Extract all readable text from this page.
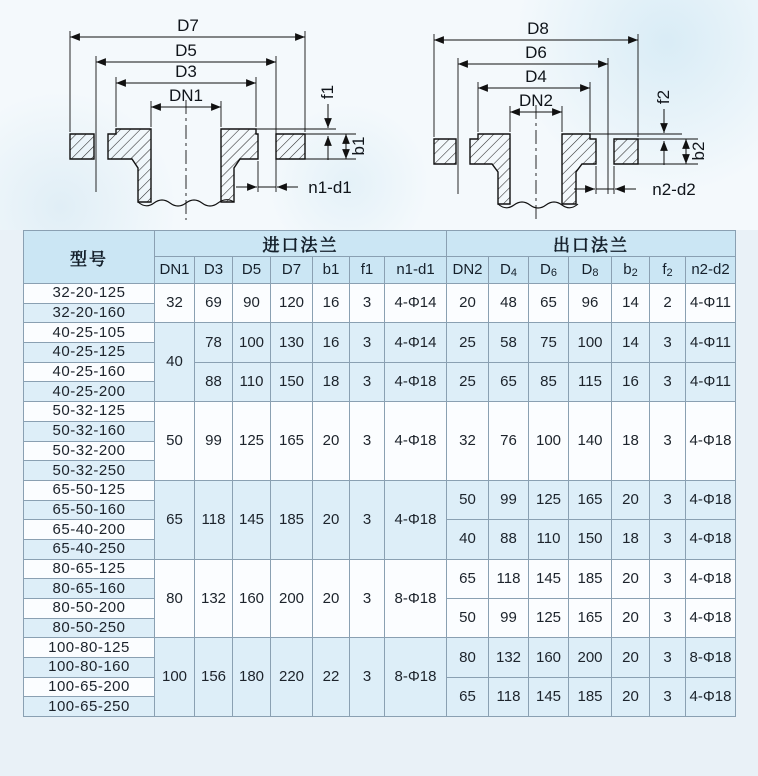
D7
D5
D3
DN1	f1
b1
n1-d1
D8
D6
D4
DN2	f2
b2
n2-d2
型号	进口法兰							出口法兰						
	DN1	D3	D5	D7	b1	f1	n1-d1	DN2	$D_4$	$D_6$	$D_8$	$b_2$	$f_2$	n2-d2
32-20-125	32	69	90	120	16	3	4-Φ14	20	48	65	96	14	2	4-Φ11
32-20-160														
40-25-105	40	78	100	130	16	3	4-Φ14	25	58	75	100	14	3	4-Φ11
40-25-125														
40-25-160		88	110	150	18	3	4-Φ18	25	65	85	115	16	3	4-Φ11
40-25-200														
50-32-125	50	99	125	165	20	3	4-Φ18	32	76	100	140	18	3	4-Φ18
50-32-160														
50-32-200														
50-32-250														
65-50-125	65	118	145	185	20	3	4-Φ18	50	99	125	165	20	3	4-Φ18
65-50-160														
65-40-200								40	88	110	150	18	3	4-Φ18
65-40-250														
80-65-125	80	132	160	200	20	3	8-Φ18	65	118	145	185	20	3	4-Φ18
80-65-160														
80-50-200								50	99	125	165	20	3	4-Φ18
80-50-250														
100-80-125	100	156	180	220	22	3	8-Φ18	80	132	160	200	20	3	8-Φ18
100-80-160														
100-65-200								65	118	145	185	20	3	4-Φ18
100-65-250														
